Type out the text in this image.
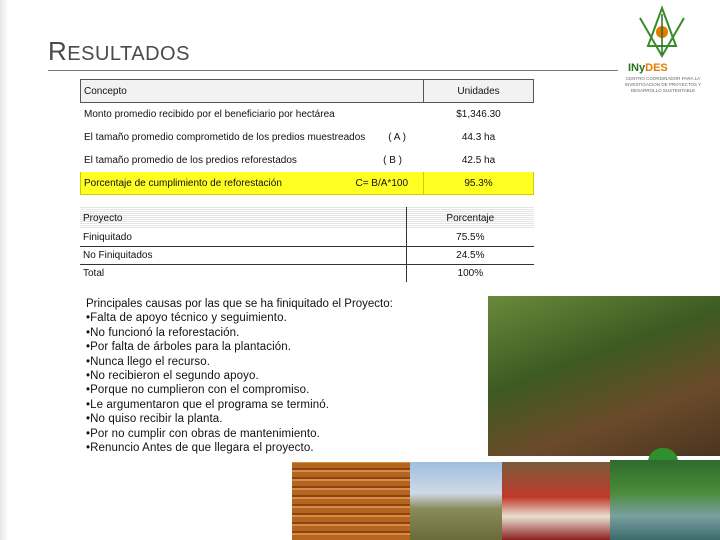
RESULTADOS
INyDES
CENTRO COORDINADOR PARA LA INVESTIGACION DE PROYECTOS Y DESARROLLO SUSTENTABLE
Concepto	Unidades

Monto promedio recibido por el beneficiario por hectárea	$1,346.30

El tamaño promedio comprometido de los predios muestreados ( A )	44.3 ha

El tamaño promedio de los predios reforestados ( B )	42.5 ha

Porcentaje de cumplimiento de reforestación C= B/A*100	95.3%
Proyecto	Porcentaje
Finiquitado	75.5%
No Finiquitados	24.5%
Total	100%
Principales causas por las que se ha finiquitado el Proyecto:
•Falta de apoyo técnico y seguimiento.
•No funcionó la reforestación.
•Por falta de árboles para la plantación.
•Nunca llego el recurso.
•No recibieron el segundo apoyo.
•Porque no cumplieron con el compromiso.
•Le argumentaron que el programa se terminó.
•No quiso recibir la planta.
•Por no cumplir con obras de mantenimiento.
•Renuncio Antes de que llegara el proyecto.
